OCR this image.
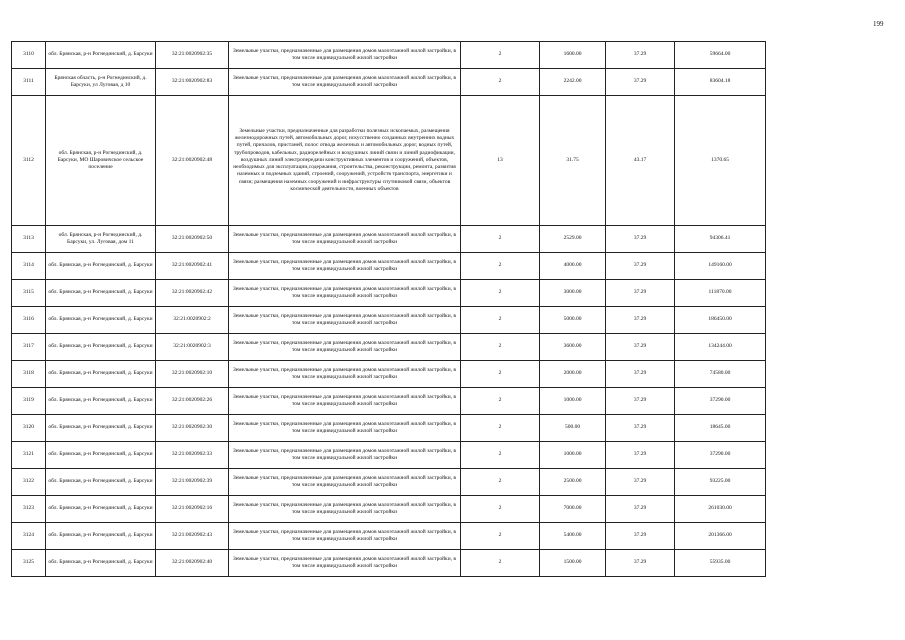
199
3110	обл. Брянская, р-н Рогнединский, д. Барсуки	32:21:0020902:35	Земельные участки, предназначенные для размещения домов малоэтажной жилой застройки, в том числе индивидуальной жилой застройки	2	1600.00	37.29	59664.00
3111	Брянская область, р-н Рогнединский, д. Барсуки, ул Луговая, д 10	32:21:0020902:83	Земельные участки, предназначенные для размещения домов малоэтажной жилой застройки, в том числе индивидуальной жилой застройки	2	2242.00	37.29	83604.18
3112	обл. Брянская, р-н Рогнединский, д. Барсуки, МО Шаровичское сельское поселение	32:21:0020902:48	Земельные участки, предназначенные для разработки полезных ископаемых, размещения железнодорожных путей, автомобильных дорог, искусственно созданных внутренних водных путей, причалов, пристаней, полос отвода железных и автомобильных дорог, водных путей, трубопроводов, кабельных, радиорелейных и воздушных линий связи и линий радиофикации, воздушных линий электропередачи конструктивных элементов и сооружений, объектов, необходимых для эксплуатации,содержания, строительства, реконструкции, ремонта, развития наземных и подземных зданий, строений, сооружений, устройств транспорта, энергетики и связи; размещения наземных сооружений и инфраструктуры спутниковой связи, объектов космической деятельности, военных объектов	13	31.75	43.17	1370.65
3113	обл. Брянская, р-н Рогнединский, д. Барсуки, ул. Луговая, дом 11	32:21:0020902:50	Земельные участки, предназначенные для размещения домов малоэтажной жилой застройки, в том числе индивидуальной жилой застройки	2	2529.00	37.29	94306.41
3114	обл. Брянская, р-н Рогнединский, д. Барсуки	32:21:0020902:41	Земельные участки, предназначенные для размещения домов малоэтажной жилой застройки, в том числе индивидуальной жилой застройки	2	4000.00	37.29	149160.00
3115	обл. Брянская, р-н Рогнединский, д. Барсуки	32:21:0020902:42	Земельные участки, предназначенные для размещения домов малоэтажной жилой застройки, в том числе индивидуальной жилой застройки	2	3000.00	37.29	111870.00
3116	обл. Брянская, р-н Рогнединский, д. Барсуки	32:21:0020902:2	Земельные участки, предназначенные для размещения домов малоэтажной жилой застройки, в том числе индивидуальной жилой застройки	2	5000.00	37.29	186450.00
3117	обл. Брянская, р-н Рогнединский, д. Барсуки	32:21:0020902:3	Земельные участки, предназначенные для размещения домов малоэтажной жилой застройки, в том числе индивидуальной жилой застройки	2	3600.00	37.29	134244.00
3118	обл. Брянская, р-н Рогнединский, д. Барсуки	32:21:0020902:10	Земельные участки, предназначенные для размещения домов малоэтажной жилой застройки, в том числе индивидуальной жилой застройки	2	2000.00	37.29	74580.00
3119	обл. Брянская, р-н Рогнединский, д. Барсуки	32:21:0020902:26	Земельные участки, предназначенные для размещения домов малоэтажной жилой застройки, в том числе индивидуальной жилой застройки	2	1000.00	37.29	37290.00
3120	обл. Брянская, р-н Рогнединский, д. Барсуки	32:21:0020902:30	Земельные участки, предназначенные для размещения домов малоэтажной жилой застройки, в том числе индивидуальной жилой застройки	2	500.00	37.29	18645.00
3121	обл. Брянская, р-н Рогнединский, д. Барсуки	32:21:0020902:33	Земельные участки, предназначенные для размещения домов малоэтажной жилой застройки, в том числе индивидуальной жилой застройки	2	1000.00	37.29	37290.00
3122	обл. Брянская, р-н Рогнединский, д. Барсуки	32:21:0020902:39	Земельные участки, предназначенные для размещения домов малоэтажной жилой застройки, в том числе индивидуальной жилой застройки	2	2500.00	37.29	93225.00
3123	обл. Брянская, р-н Рогнединский, д. Барсуки	32:21:0020902:16	Земельные участки, предназначенные для размещения домов малоэтажной жилой застройки, в том числе индивидуальной жилой застройки	2	7000.00	37.29	261030.00
3124	обл. Брянская, р-н Рогнединский, д. Барсуки	32:21:0020902:43	Земельные участки, предназначенные для размещения домов малоэтажной жилой застройки, в том числе индивидуальной жилой застройки	2	5400.00	37.29	201366.00
3125	обл. Брянская, р-н Рогнединский, д. Барсуки	32:21:0020902:40	Земельные участки, предназначенные для размещения домов малоэтажной жилой застройки, в том числе индивидуальной жилой застройки	2	1500.00	37.29	55935.00
